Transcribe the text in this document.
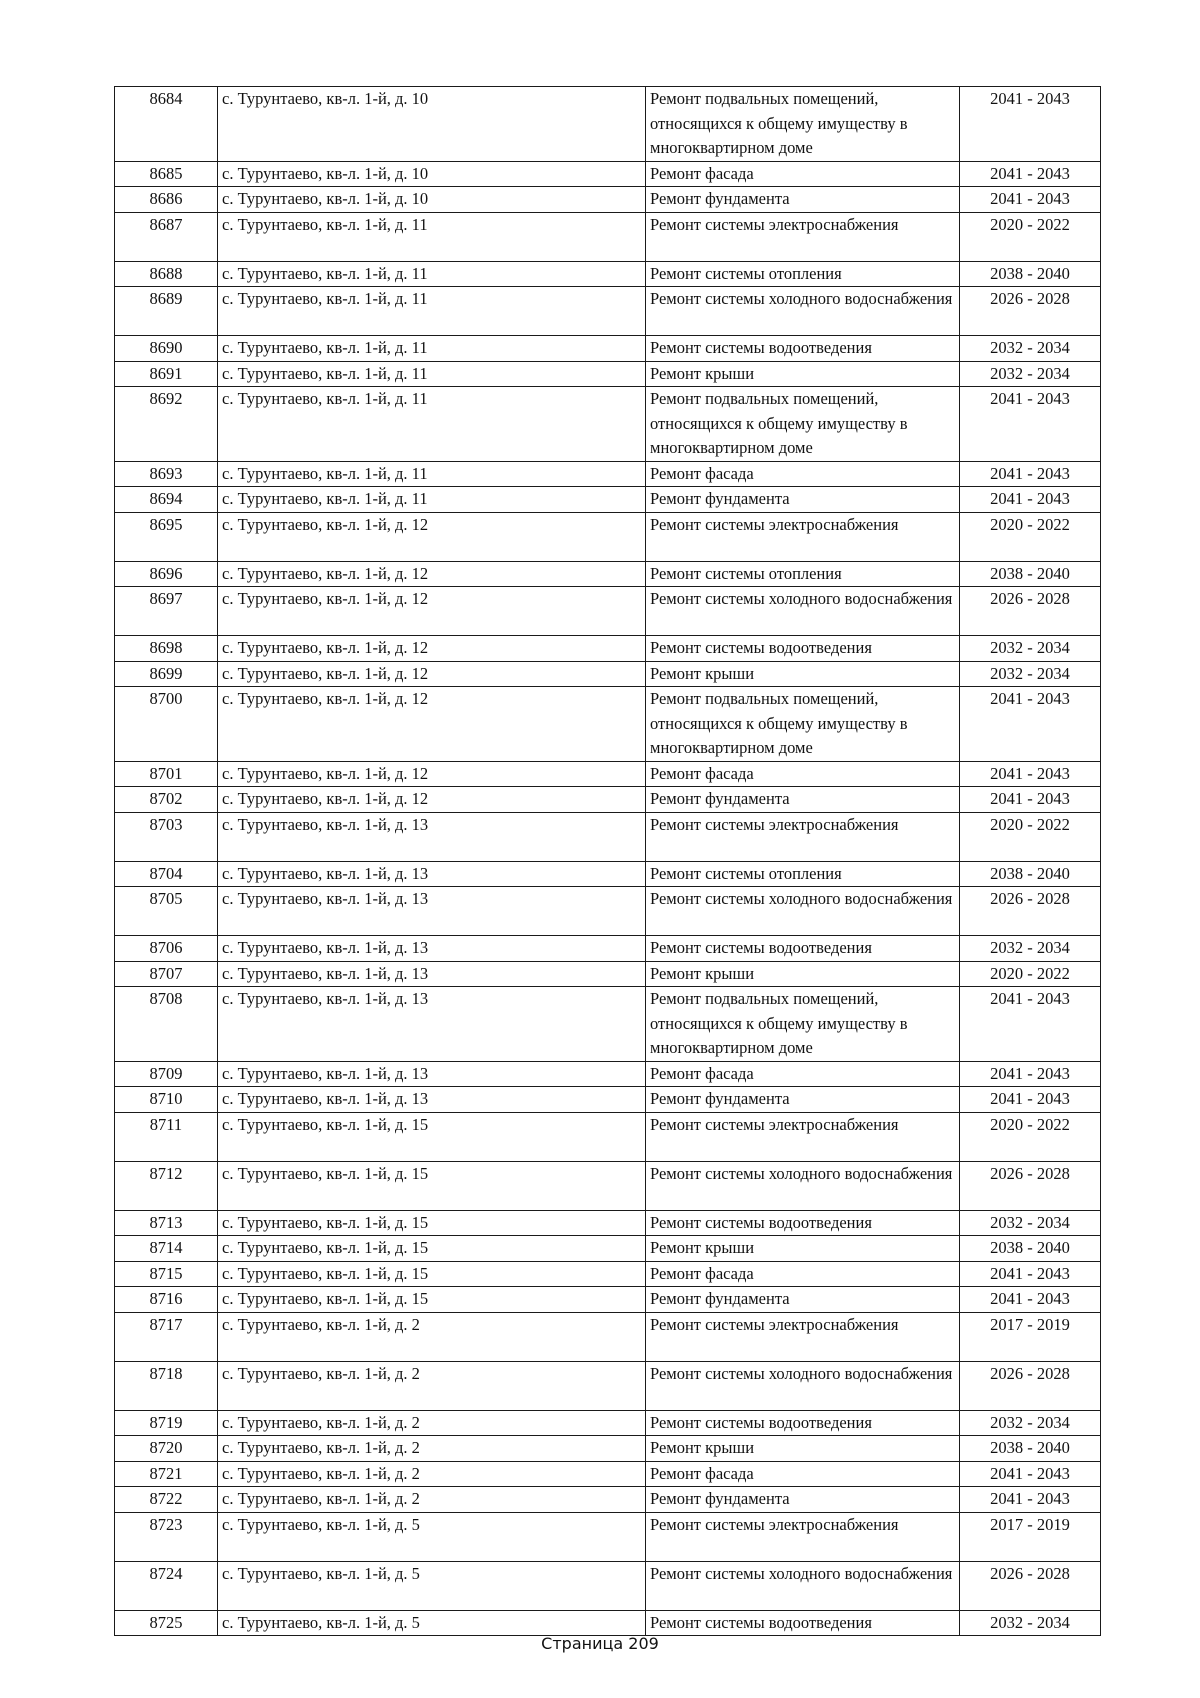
8684	с. Турунтаево, кв-л. 1-й, д. 10	Ремонт подвальных помещений, относящихся к общему имуществу в многоквартирном доме	2041 - 2043
8685	с. Турунтаево, кв-л. 1-й, д. 10	Ремонт фасада	2041 - 2043
8686	с. Турунтаево, кв-л. 1-й, д. 10	Ремонт фундамента	2041 - 2043
8687	с. Турунтаево, кв-л. 1-й, д. 11	Ремонт системы электроснабжения	2020 - 2022
8688	с. Турунтаево, кв-л. 1-й, д. 11	Ремонт системы отопления	2038 - 2040
8689	с. Турунтаево, кв-л. 1-й, д. 11	Ремонт системы холодного водоснабжения	2026 - 2028
8690	с. Турунтаево, кв-л. 1-й, д. 11	Ремонт системы водоотведения	2032 - 2034
8691	с. Турунтаево, кв-л. 1-й, д. 11	Ремонт крыши	2032 - 2034
8692	с. Турунтаево, кв-л. 1-й, д. 11	Ремонт подвальных помещений, относящихся к общему имуществу в многоквартирном доме	2041 - 2043
8693	с. Турунтаево, кв-л. 1-й, д. 11	Ремонт фасада	2041 - 2043
8694	с. Турунтаево, кв-л. 1-й, д. 11	Ремонт фундамента	2041 - 2043
8695	с. Турунтаево, кв-л. 1-й, д. 12	Ремонт системы электроснабжения	2020 - 2022
8696	с. Турунтаево, кв-л. 1-й, д. 12	Ремонт системы отопления	2038 - 2040
8697	с. Турунтаево, кв-л. 1-й, д. 12	Ремонт системы холодного водоснабжения	2026 - 2028
8698	с. Турунтаево, кв-л. 1-й, д. 12	Ремонт системы водоотведения	2032 - 2034
8699	с. Турунтаево, кв-л. 1-й, д. 12	Ремонт крыши	2032 - 2034
8700	с. Турунтаево, кв-л. 1-й, д. 12	Ремонт подвальных помещений, относящихся к общему имуществу в многоквартирном доме	2041 - 2043
8701	с. Турунтаево, кв-л. 1-й, д. 12	Ремонт фасада	2041 - 2043
8702	с. Турунтаево, кв-л. 1-й, д. 12	Ремонт фундамента	2041 - 2043
8703	с. Турунтаево, кв-л. 1-й, д. 13	Ремонт системы электроснабжения	2020 - 2022
8704	с. Турунтаево, кв-л. 1-й, д. 13	Ремонт системы отопления	2038 - 2040
8705	с. Турунтаево, кв-л. 1-й, д. 13	Ремонт системы холодного водоснабжения	2026 - 2028
8706	с. Турунтаево, кв-л. 1-й, д. 13	Ремонт системы водоотведения	2032 - 2034
8707	с. Турунтаево, кв-л. 1-й, д. 13	Ремонт крыши	2020 - 2022
8708	с. Турунтаево, кв-л. 1-й, д. 13	Ремонт подвальных помещений, относящихся к общему имуществу в многоквартирном доме	2041 - 2043
8709	с. Турунтаево, кв-л. 1-й, д. 13	Ремонт фасада	2041 - 2043
8710	с. Турунтаево, кв-л. 1-й, д. 13	Ремонт фундамента	2041 - 2043
8711	с. Турунтаево, кв-л. 1-й, д. 15	Ремонт системы электроснабжения	2020 - 2022
8712	с. Турунтаево, кв-л. 1-й, д. 15	Ремонт системы холодного водоснабжения	2026 - 2028
8713	с. Турунтаево, кв-л. 1-й, д. 15	Ремонт системы водоотведения	2032 - 2034
8714	с. Турунтаево, кв-л. 1-й, д. 15	Ремонт крыши	2038 - 2040
8715	с. Турунтаево, кв-л. 1-й, д. 15	Ремонт фасада	2041 - 2043
8716	с. Турунтаево, кв-л. 1-й, д. 15	Ремонт фундамента	2041 - 2043
8717	с. Турунтаево, кв-л. 1-й, д. 2	Ремонт системы электроснабжения	2017 - 2019
8718	с. Турунтаево, кв-л. 1-й, д. 2	Ремонт системы холодного водоснабжения	2026 - 2028
8719	с. Турунтаево, кв-л. 1-й, д. 2	Ремонт системы водоотведения	2032 - 2034
8720	с. Турунтаево, кв-л. 1-й, д. 2	Ремонт крыши	2038 - 2040
8721	с. Турунтаево, кв-л. 1-й, д. 2	Ремонт фасада	2041 - 2043
8722	с. Турунтаево, кв-л. 1-й, д. 2	Ремонт фундамента	2041 - 2043
8723	с. Турунтаево, кв-л. 1-й, д. 5	Ремонт системы электроснабжения	2017 - 2019
8724	с. Турунтаево, кв-л. 1-й, д. 5	Ремонт системы холодного водоснабжения	2026 - 2028
8725	с. Турунтаево, кв-л. 1-й, д. 5	Ремонт системы водоотведения	2032 - 2034
Страница 209
